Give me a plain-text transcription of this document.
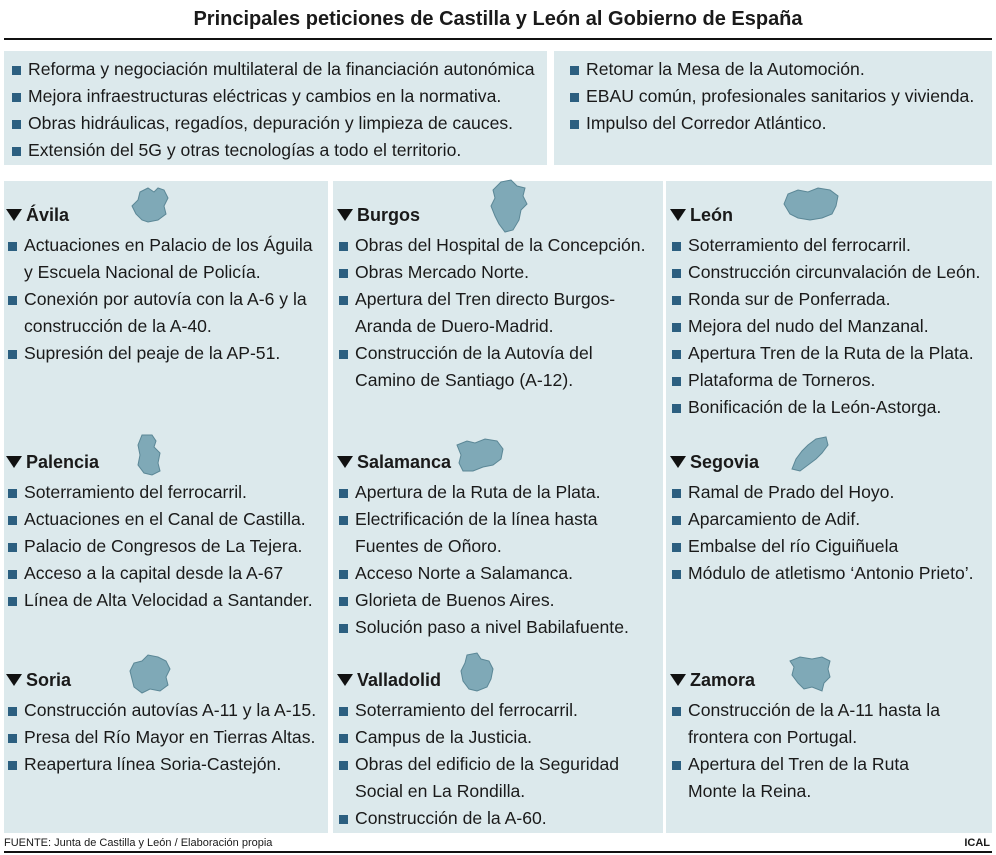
Principales peticiones de Castilla y León al Gobierno de España
Reforma y negociación multilateral de la financiación autonómica
Mejora infraestructuras eléctricas y cambios en la normativa.
Obras hidráulicas, regadíos, depuración y limpieza de cauces.
Extensión del 5G y otras tecnologías a todo el territorio.
Retomar la Mesa de la Automoción.
EBAU común, profesionales sanitarios y vivienda.
Impulso del Corredor Atlántico.
Ávila
Actuaciones en Palacio de los Águila
y Escuela Nacional de Policía.
Conexión por autovía con la A-6 y la
construcción de la A-40.
Supresión del peaje de la AP-51.
Burgos
Obras del Hospital de la Concepción.
Obras Mercado Norte.
Apertura del Tren directo Burgos-
Aranda de Duero-Madrid.
Construcción de la Autovía del
Camino de Santiago (A-12).
León
Soterramiento del ferrocarril.
Construcción circunvalación de León.
Ronda sur de Ponferrada.
Mejora del nudo del Manzanal.
Apertura Tren de la Ruta de la Plata.
Plataforma de Torneros.
Bonificación de la León-Astorga.
Palencia
Soterramiento del ferrocarril.
Actuaciones en el Canal de Castilla.
Palacio de Congresos de La Tejera.
Acceso a la capital desde la A-67
Línea de Alta Velocidad a Santander.
Salamanca
Apertura de la Ruta de la Plata.
Electrificación de la línea hasta
Fuentes de Oñoro.
Acceso Norte a Salamanca.
Glorieta de Buenos Aires.
Solución paso a nivel Babilafuente.
Segovia
Ramal de Prado del Hoyo.
Aparcamiento de Adif.
Embalse del río Ciguiñuela
Módulo de atletismo ‘Antonio Prieto’.
Soria
Construcción autovías A-11 y la A-15.
Presa del Río Mayor en Tierras Altas.
Reapertura línea Soria-Castejón.
Valladolid
Soterramiento del ferrocarril.
Campus de la Justicia.
Obras del edificio de la Seguridad
Social en La Rondilla.
Construcción de la A-60.
Zamora
Construcción de la A-11 hasta la
frontera con Portugal.
Apertura del Tren de la Ruta
Monte la Reina.
FUENTE: Junta de Castilla y León / Elaboración propia	ICAL
